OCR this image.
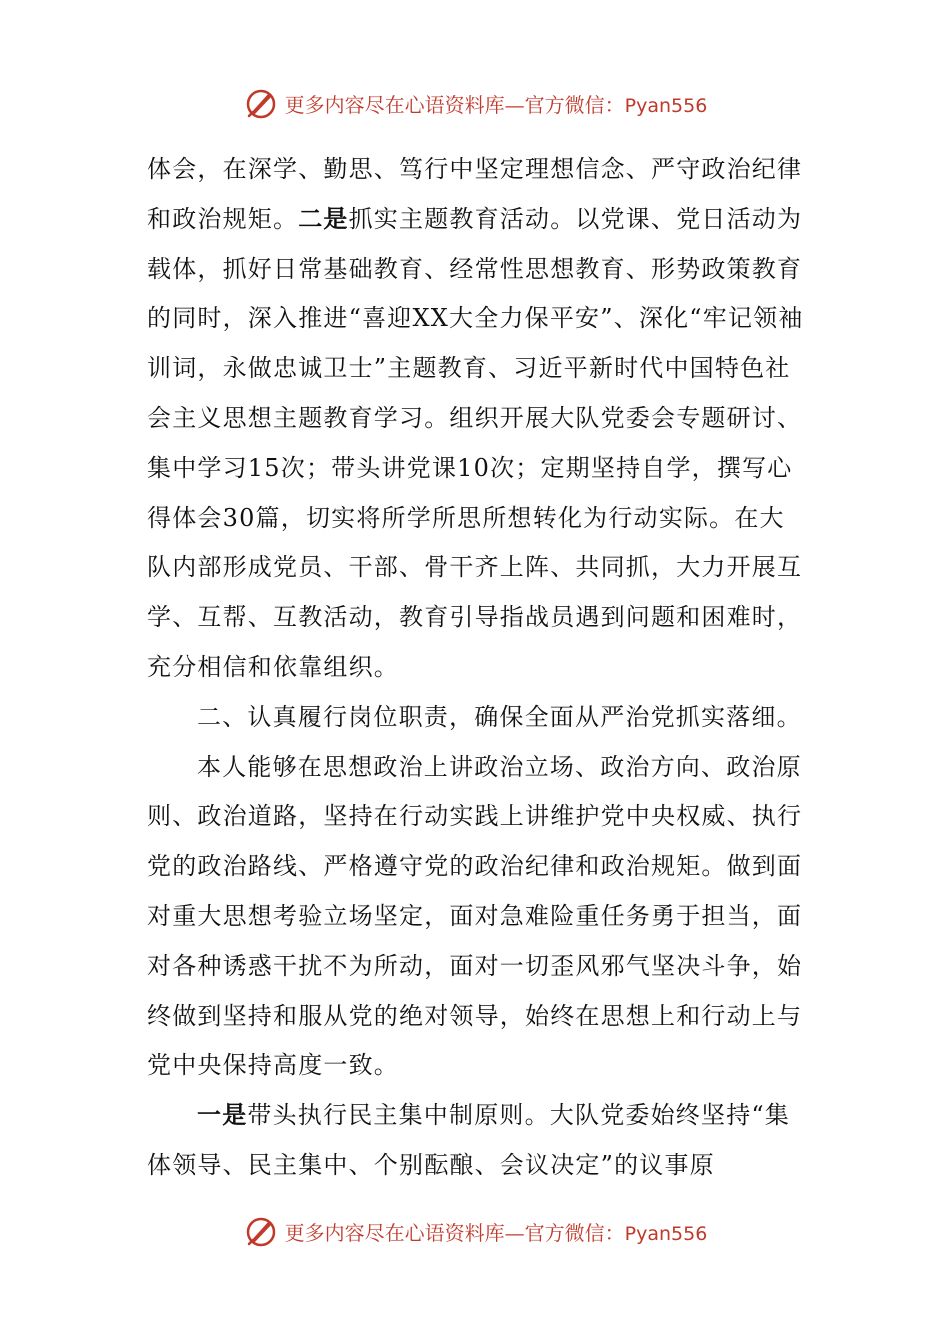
更多内容尽在心语资料库—官方微信：Pyan556

体会，在深学、勤思、笃行中坚定理想信念、严守政治纪律和政治规矩。二是抓实主题教育活动。以党课、党日活动为载体，抓好日常基础教育、经常性思想教育、形势政策教育的同时，深入推进“喜迎XX大全力保平安”、深化“牢记领袖训词，永做忠诚卫士”主题教育、习近平新时代中国特色社会主义思想主题教育学习。组织开展大队党委会专题研讨、集中学习15次；带头讲党课10次；定期坚持自学，撰写心得体会30篇，切实将所学所思所想转化为行动实际。在大队内部形成党员、干部、骨干齐上阵、共同抓，大力开展互学、互帮、互教活动，教育引导指战员遇到问题和困难时，充分相信和依靠组织。

二、认真履行岗位职责，确保全面从严治党抓实落细。

本人能够在思想政治上讲政治立场、政治方向、政治原则、政治道路，坚持在行动实践上讲维护党中央权威、执行党的政治路线、严格遵守党的政治纪律和政治规矩。做到面对重大思想考验立场坚定，面对急难险重任务勇于担当，面对各种诱惑干扰不为所动，面对一切歪风邪气坚决斗争，始终做到坚持和服从党的绝对领导，始终在思想上和行动上与党中央保持高度一致。

一是带头执行民主集中制原则。大队党委始终坚持“集体领导、民主集中、个别酝酿、会议决定”的议事原

更多内容尽在心语资料库—官方微信：Pyan556
